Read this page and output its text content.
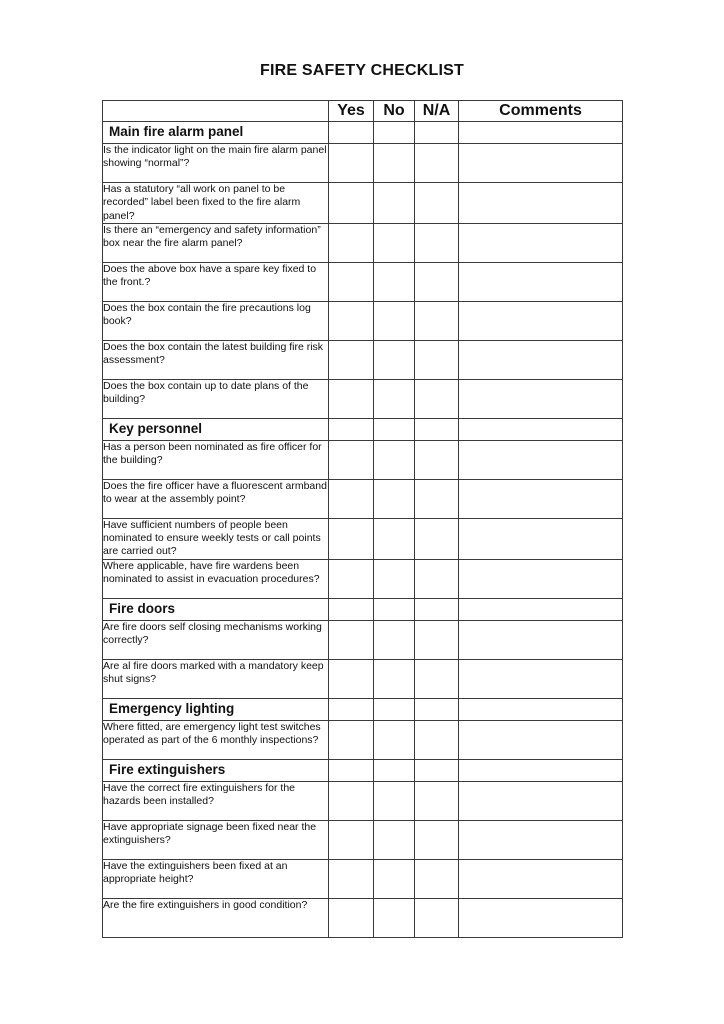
FIRE SAFETY CHECKLIST
	Yes	No	N/A	Comments
Main fire alarm panel				
Is the indicator light on the main fire alarm panel showing “normal”?				
Has a statutory “all work on panel to be recorded” label been fixed to the fire alarm panel?				
Is there an “emergency and safety information” box near the fire alarm panel?				
Does the above box have a spare key fixed to the front.?				
Does the box contain the fire precautions log book?				
Does the box contain the latest building fire risk assessment?				
Does the box contain up to date plans of the building?				
Key personnel				
Has a person been nominated as fire officer for the building?				
Does the fire officer have a fluorescent armband to wear at the assembly point?				
Have sufficient numbers of people been nominated to ensure weekly tests or call points are carried out?				
Where applicable, have fire wardens been nominated to assist in evacuation procedures?				
Fire doors				
Are fire doors self closing mechanisms working correctly?				
Are al fire doors marked with a mandatory keep shut signs?				
Emergency lighting				
Where fitted, are emergency light test switches operated as part of the 6 monthly inspections?				
Fire extinguishers				
Have the correct fire extinguishers for the hazards been installed?				
Have appropriate signage been fixed near the extinguishers?				
Have the extinguishers been fixed at an appropriate height?				
Are the fire extinguishers in good condition?				
